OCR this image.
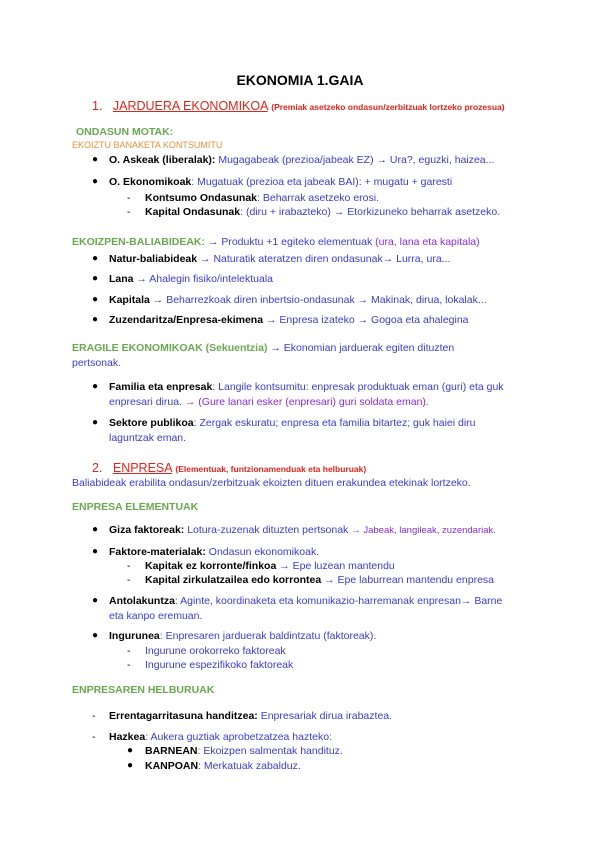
EKONOMIA 1.GAIA
1. JARDUERA EKONOMIKOA (Premiak asetzeko ondasun/zerbitzuak lortzeko prozesua)
ONDASUN MOTAK:
EKOIZTU BANAKETA KONTSUMITU
● O. Askeak (liberalak): Mugagabeak (prezioa/jabeak EZ) → Ura?, eguzki, haizea...
● O. Ekonomikoak: Mugatuak (prezioa eta jabeak BAI): + mugatu + garesti
- Kontsumo Ondasunak: Beharrak asetzeko erosi.
- Kapital Ondasunak: (diru + irabazteko) → Etorkizuneko beharrak asetzeko.
EKOIZPEN-BALIABIDEAK: → Produktu +1 egiteko elementuak (ura, lana eta kapitala)
● Natur-baliabideak → Naturatik ateratzen diren ondasunak→ Lurra, ura...
● Lana → Ahalegin fisiko/intelektuala
● Kapitala → Beharrezkoak diren inbertsio-ondasunak → Makinak, dirua, lokalak...
● Zuzendaritza/Enpresa-ekimena → Enpresa izateko → Gogoa eta ahalegina
ERAGILE EKONOMIKOAK (Sekuentzia) → Ekonomian jarduerak egiten dituzten
pertsonak.
● Familia eta enpresak: Langile kontsumitu: enpresak produktuak eman (guri) eta guk
enpresari dirua. → (Gure lanari esker (enpresari) guri soldata eman).
● Sektore publikoa: Zergak eskuratu; enpresa eta familia bitartez; guk haiei diru
laguntzak eman.
2. ENPRESA (Elementuak, funtzionamenduak eta helburuak)
Baliabideak erabilita ondasun/zerbitzuak ekoizten dituen erakundea etekinak lortzeko.
ENPRESA ELEMENTUAK
● Giza faktoreak: Lotura-zuzenak dituzten pertsonak → Jabeak, langileak, zuzendariak.
● Faktore-materialak: Ondasun ekonomikoak.
- Kapitak ez korronte/finkoa → Epe luzean mantendu
- Kapital zirkulatzailea edo korrontea → Epe laburrean mantendu enpresa
● Antolakuntza: Aginte, koordinaketa eta komunikazio-harremanak enpresan→ Barne
eta kanpo eremuan.
● Ingurunea: Enpresaren jarduerak baldintzatu (faktoreak).
- Ingurune orokorreko faktoreak
- Ingurune espezifikoko faktoreak
ENPRESAREN HELBURUAK
- Errentagarritasuna handitzea: Enpresariak dirua irabaztea.
- Hazkea: Aukera guztiak aprobetzatzea hazteko:
● BARNEAN: Ekoizpen salmentak handituz.
● KANPOAN: Merkatuak zabalduz.
